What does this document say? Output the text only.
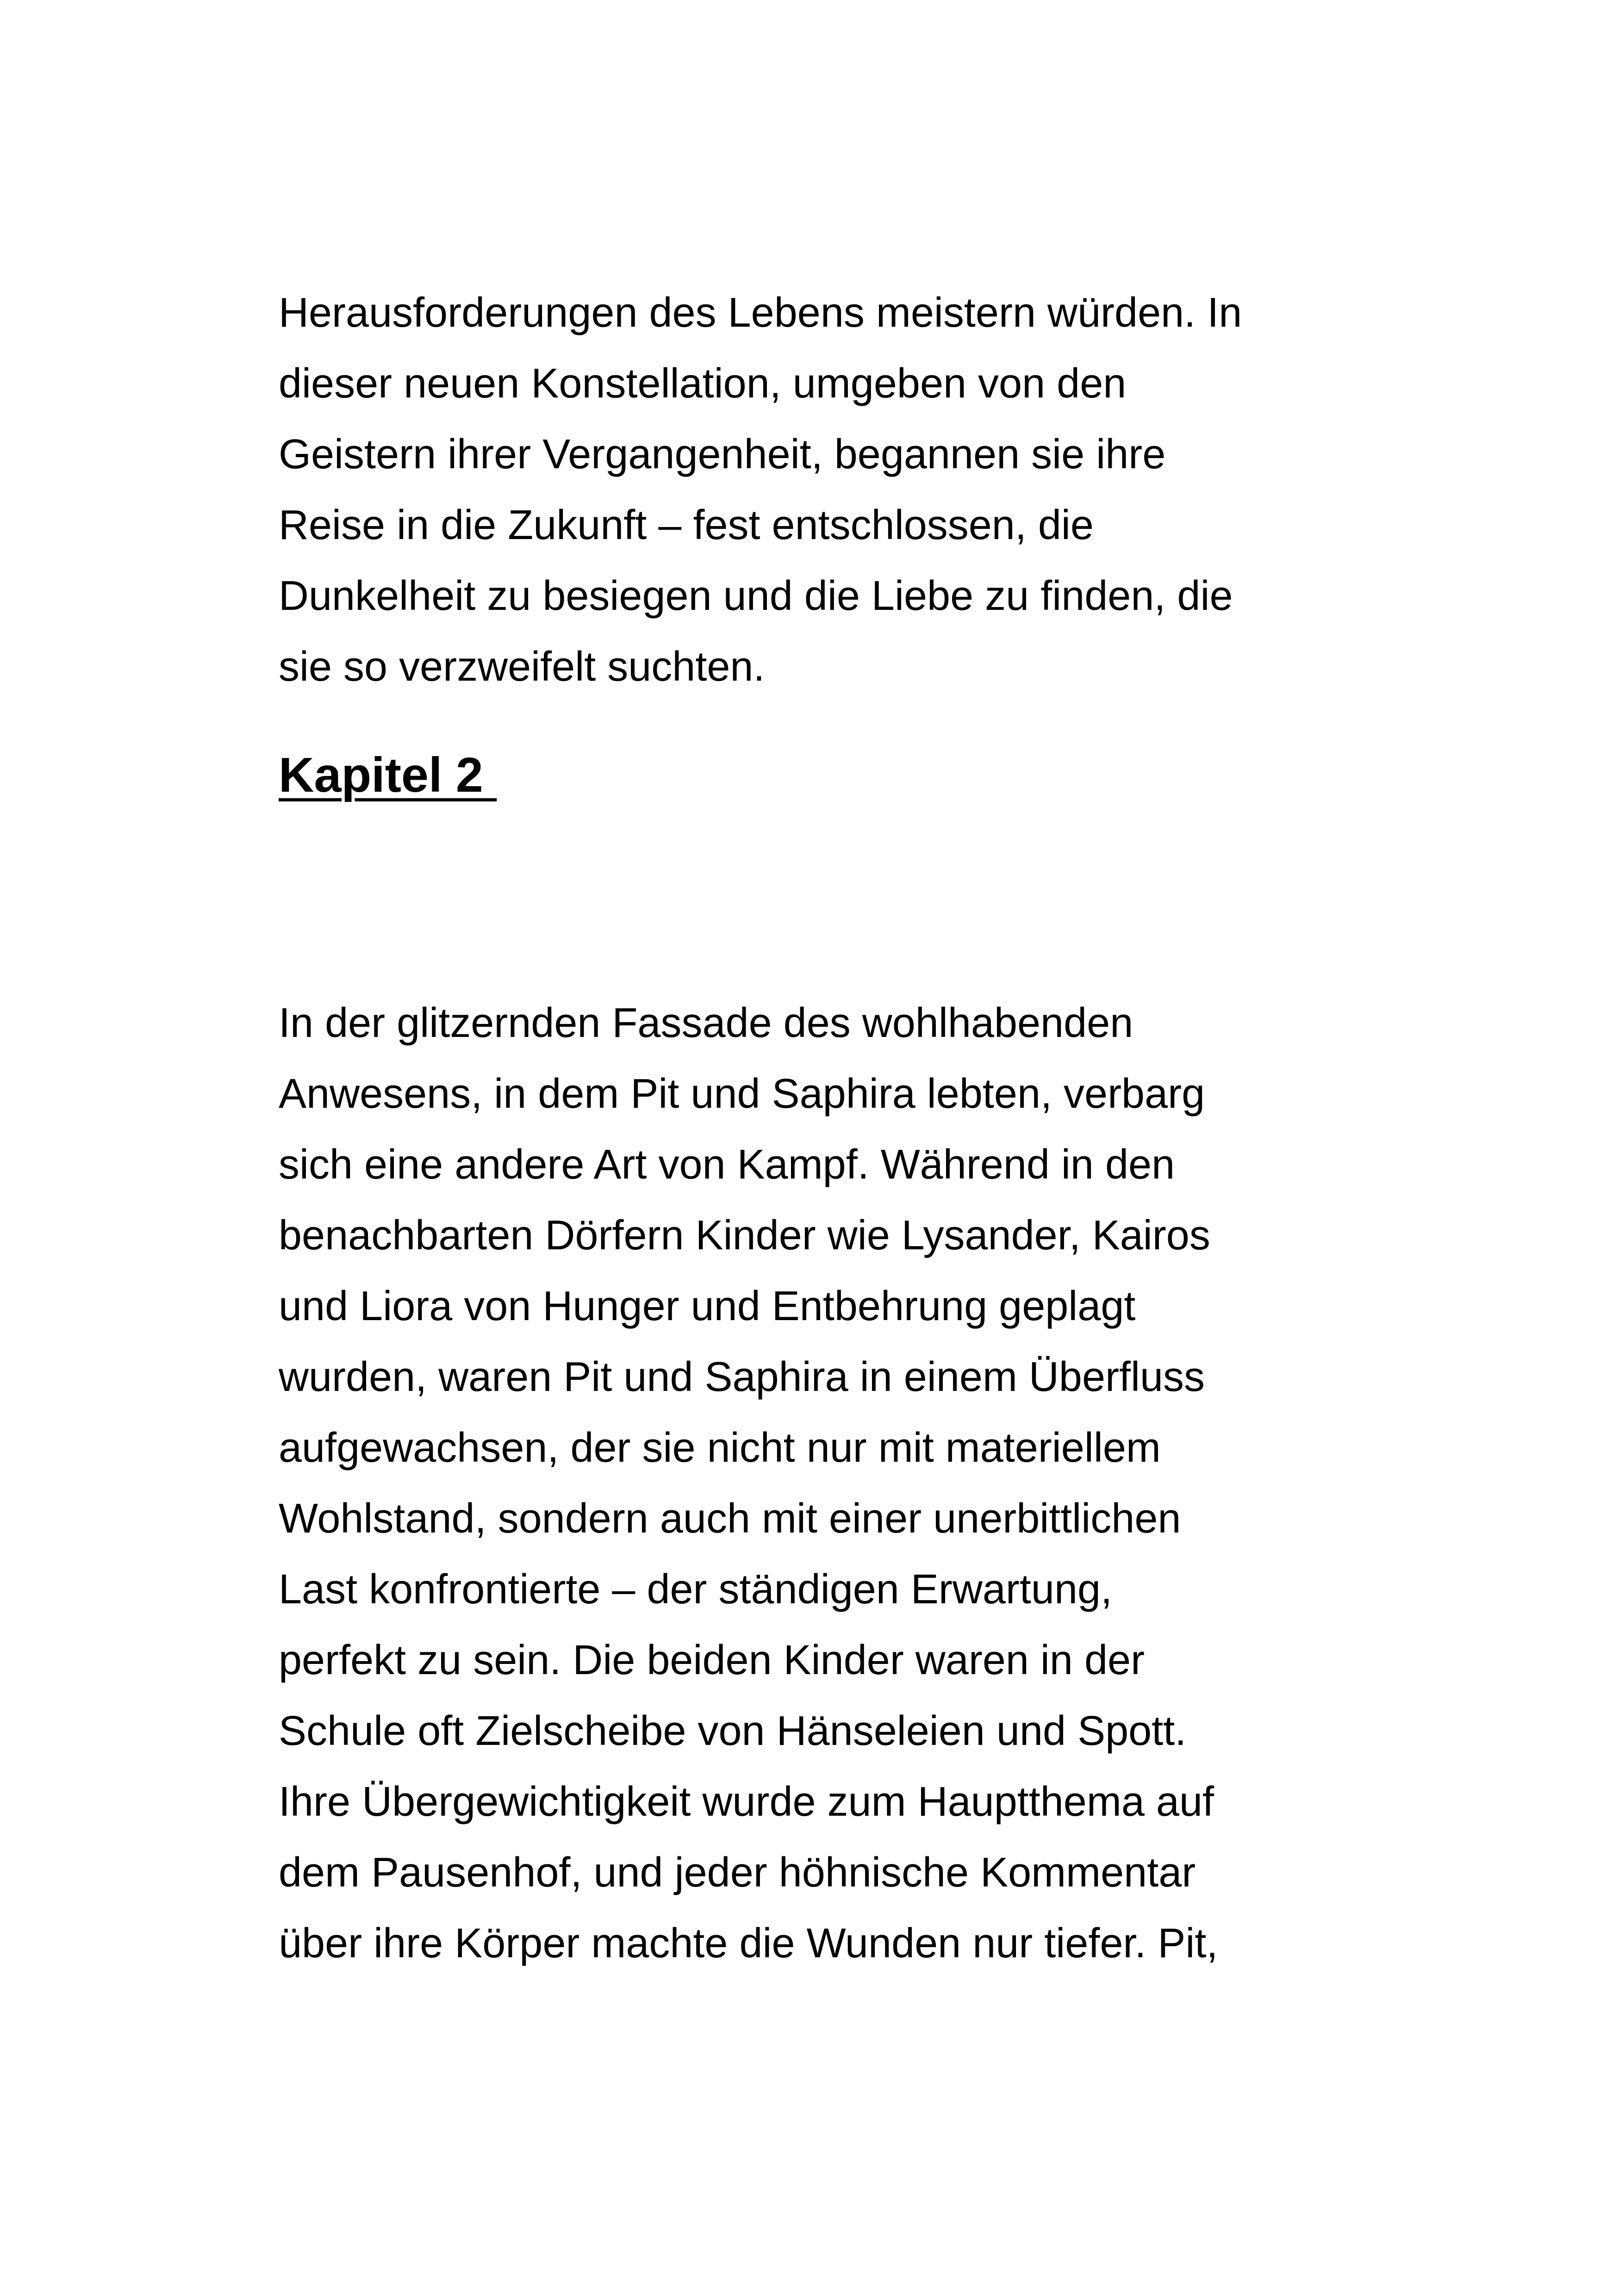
Herausforderungen des Lebens meistern würden. In
dieser neuen Konstellation, umgeben von den
Geistern ihrer Vergangenheit, begannen sie ihre
Reise in die Zukunft – fest entschlossen, die
Dunkelheit zu besiegen und die Liebe zu finden, die
sie so verzweifelt suchten.

Kapitel 2

In der glitzernden Fassade des wohlhabenden
Anwesens, in dem Pit und Saphira lebten, verbarg
sich eine andere Art von Kampf. Während in den
benachbarten Dörfern Kinder wie Lysander, Kairos
und Liora von Hunger und Entbehrung geplagt
wurden, waren Pit und Saphira in einem Überfluss
aufgewachsen, der sie nicht nur mit materiellem
Wohlstand, sondern auch mit einer unerbittlichen
Last konfrontierte – der ständigen Erwartung,
perfekt zu sein. Die beiden Kinder waren in der
Schule oft Zielscheibe von Hänseleien und Spott.
Ihre Übergewichtigkeit wurde zum Hauptthema auf
dem Pausenhof, und jeder höhnische Kommentar
über ihre Körper machte die Wunden nur tiefer. Pit,
